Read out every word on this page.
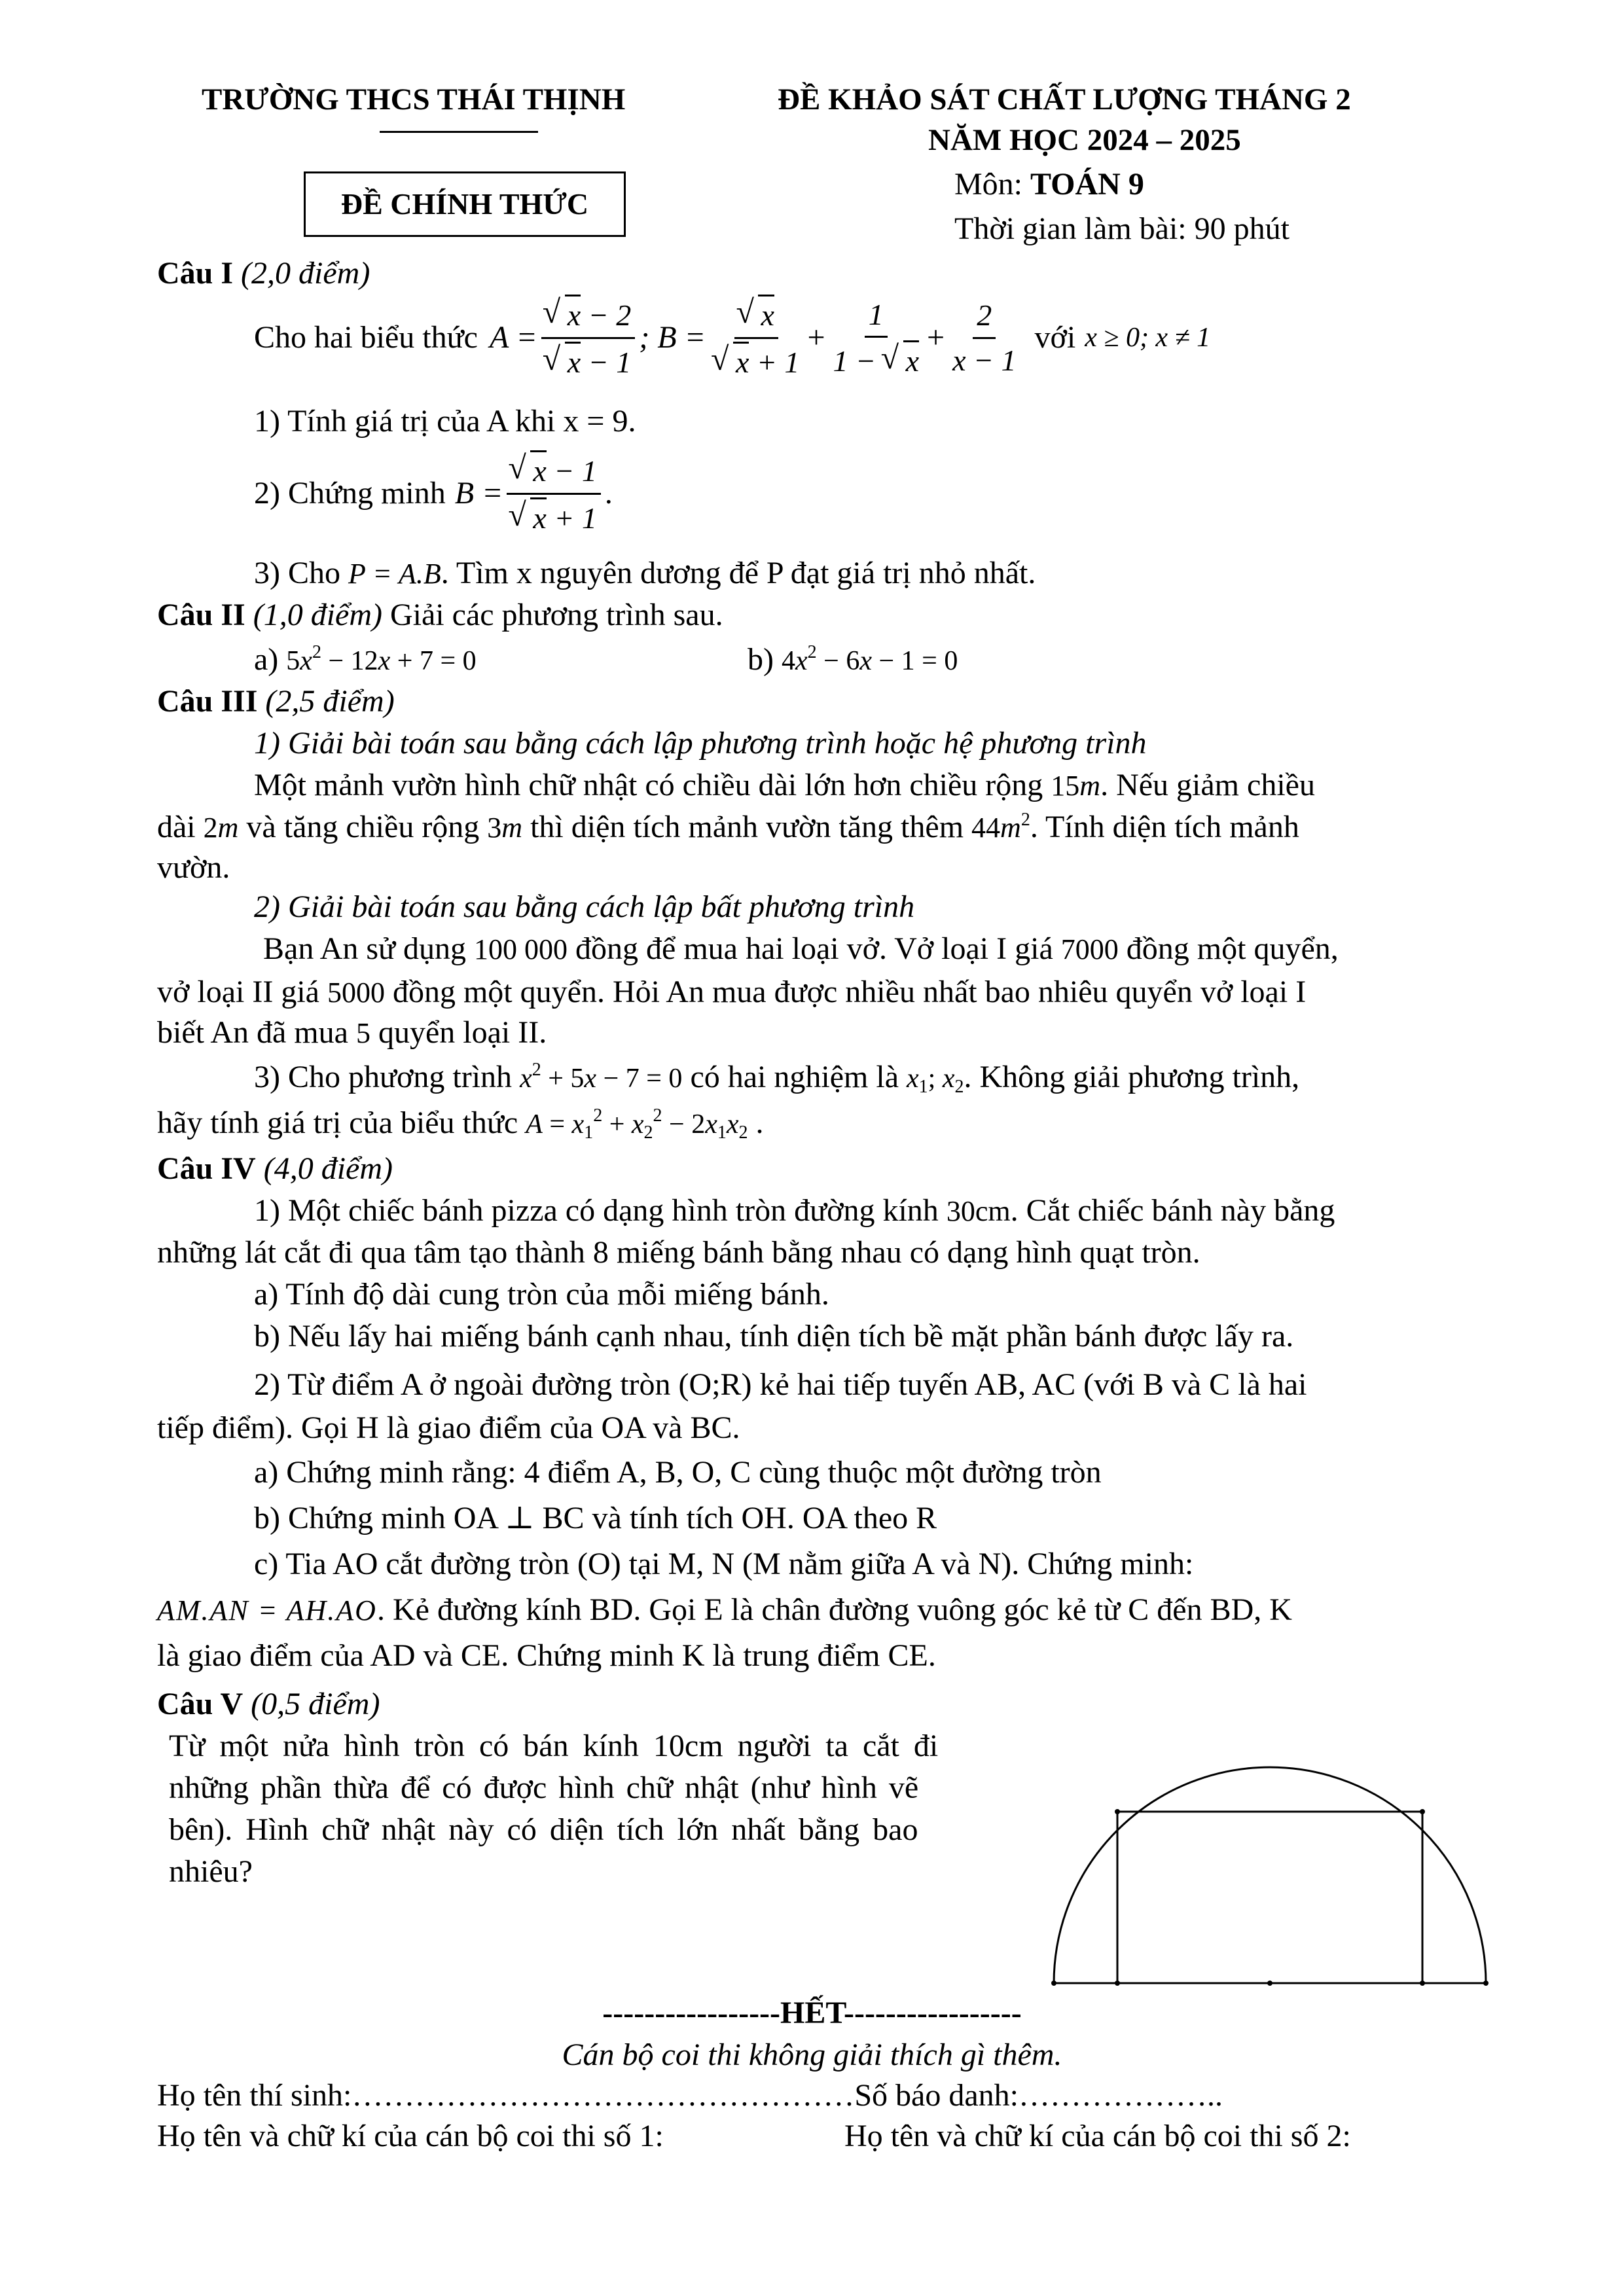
TRƯỜNG THCS THÁI THỊNH	ĐỀ KHẢO SÁT CHẤT LƯỢNG THÁNG 2
NĂM HỌC 2024 – 2025
ĐỀ CHÍNH THỨC
Môn: TOÁN 9
Thời gian làm bài: 90 phút
Câu I (2,0 điểm)
Cho hai biểu thức A = √ x − 2
√ x − 1 ; B = √ x
√ $x + 1 + \frac{1}{1 - √ x} + \frac{2}{x - 1}$ với x ≥ 0; x ≠ 1
1) Tính giá trị của A khi x = 9.
2) Chứng minh B = √ x − 1
√ x + 1 .
3) Cho P = A.B. Tìm x nguyên dương để P đạt giá trị nhỏ nhất.
Câu II (1,0 điểm) Giải các phương trình sau.
a) $5x^2 - 12x + 7 = 0$	b) $4x^2 - 6x - 1 = 0$
Câu III (2,5 điểm)
1) Giải bài toán sau bằng cách lập phương trình hoặc hệ phương trình
Một mảnh vườn hình chữ nhật có chiều dài lớn hơn chiều rộng 15m. Nếu giảm chiều
dài 2m và tăng chiều rộng 3m thì diện tích mảnh vườn tăng thêm $44m^2$. Tính diện tích mảnh
vườn.
2) Giải bài toán sau bằng cách lập bất phương trình
Bạn An sử dụng 100 000 đồng để mua hai loại vở. Vở loại I giá 7000 đồng một quyển,
vở loại II giá 5000 đồng một quyển. Hỏi An mua được nhiều nhất bao nhiêu quyển vở loại I
biết An đã mua 5 quyển loại II.
3) Cho phương trình $x^2 + 5x - 7 = 0$ có hai nghiệm là $x_1$; $x_2$. Không giải phương trình,
hãy tính giá trị của biểu thức $A = x_1^2 + x_2^2 - 2x_1x_2$ .
Câu IV (4,0 điểm)
1) Một chiếc bánh pizza có dạng hình tròn đường kính 30cm. Cắt chiếc bánh này bằng
những lát cắt đi qua tâm tạo thành 8 miếng bánh bằng nhau có dạng hình quạt tròn.
a) Tính độ dài cung tròn của mỗi miếng bánh.
b) Nếu lấy hai miếng bánh cạnh nhau, tính diện tích bề mặt phần bánh được lấy ra.
2) Từ điểm A ở ngoài đường tròn (O;R) kẻ hai tiếp tuyến AB, AC (với B và C là hai
tiếp điểm). Gọi H là giao điểm của OA và BC.
a) Chứng minh rằng: 4 điểm A, B, O, C cùng thuộc một đường tròn
b) Chứng minh OA ⊥ BC và tính tích OH. OA theo R
c) Tia AO cắt đường tròn (O) tại M, N (M nằm giữa A và N). Chứng minh:
AM.AN = AH.AO. Kẻ đường kính BD. Gọi E là chân đường vuông góc kẻ từ C đến BD, K
là giao điểm của AD và CE. Chứng minh K là trung điểm CE.
Câu V (0,5 điểm)
Từ một nửa hình tròn có bán kính 10cm người ta cắt đi
những phần thừa để có được hình chữ nhật (như hình vẽ
bên). Hình chữ nhật này có diện tích lớn nhất bằng bao
nhiêu?
-----------------HẾT-----------------
Cán bộ coi thi không giải thích gì thêm.
Họ tên thí sinh:…………………………………………Số báo danh:………………..
Họ tên và chữ kí của cán bộ coi thi số 1:	Họ tên và chữ kí của cán bộ coi thi số 2:
